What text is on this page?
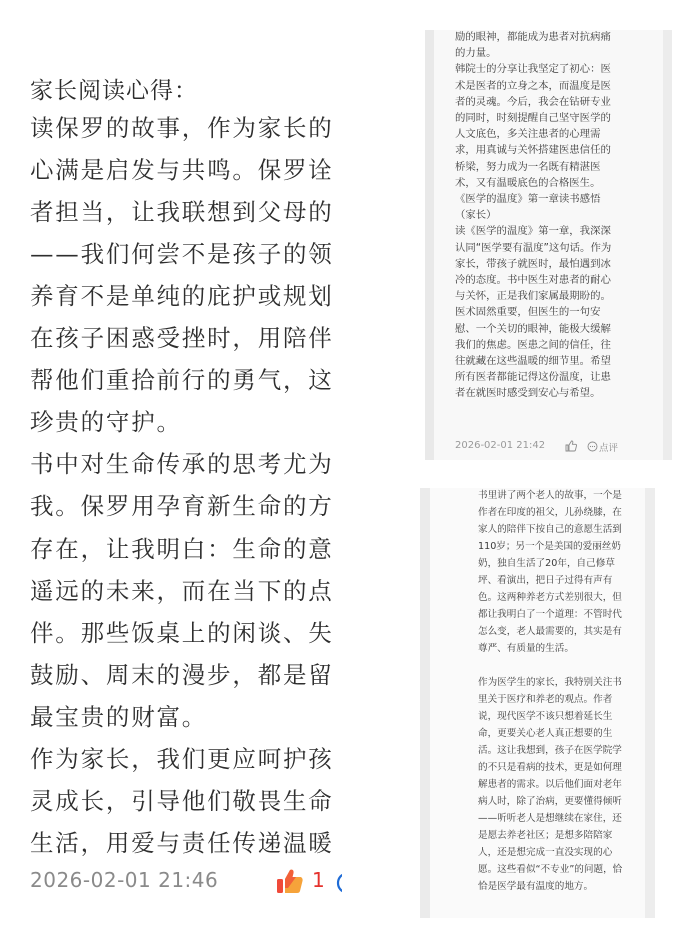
家长阅读心得：
读保罗的故事，作为家长的
心满是启发与共鸣。保罗诠
者担当，让我联想到父母的
——我们何尝不是孩子的领
养育不是单纯的庇护或规划
在孩子困惑受挫时，用陪伴
帮他们重拾前行的勇气，这
珍贵的守护。
书中对生命传承的思考尤为
我。保罗用孕育新生命的方
存在，让我明白：生命的意
遥远的未来，而在当下的点
伴。那些饭桌上的闲谈、失
鼓励、周末的漫步，都是留
最宝贵的财富。
作为家长，我们更应呵护孩
灵成长，引导他们敬畏生命
生活，用爱与责任传递温暖
2026-02-01 21:46	1
励的眼神，都能成为患者对抗病痛
的力量。
韩院士的分享让我坚定了初心：医
术是医者的立身之本，而温度是医
者的灵魂。今后，我会在钻研专业
的同时，时刻提醒自己坚守医学的
人文底色，多关注患者的心理需
求，用真诚与关怀搭建医患信任的
桥梁，努力成为一名既有精湛医
术，又有温暖底色的合格医生。
《医学的温度》第一章读书感悟
（家长）
读《医学的温度》第一章，我深深
认同“医学要有温度”这句话。作为
家长，带孩子就医时，最怕遇到冰
冷的态度。书中医生对患者的耐心
与关怀，正是我们家属最期盼的。
医术固然重要，但医生的一句安
慰、一个关切的眼神，能极大缓解
我们的焦虑。医患之间的信任，往
往就藏在这些温暖的细节里。希望
所有医者都能记得这份温度，让患
者在就医时感受到安心与希望。
2026-02-01 21:42	点评
书里讲了两个老人的故事，一个是
作者在印度的祖父，儿孙绕膝，在
家人的陪伴下按自己的意愿生活到
110岁；另一个是美国的爱丽丝奶
奶，独自生活了20年，自己修草
坪、看演出，把日子过得有声有
色。这两种养老方式差别很大，但
都让我明白了一个道理：不管时代
怎么变，老人最需要的，其实是有
尊严、有质量的生活。
作为医学生的家长，我特别关注书
里关于医疗和养老的观点。作者
说，现代医学不该只想着延长生
命，更要关心老人真正想要的生
活。这让我想到，孩子在医学院学
的不只是看病的技术，更是如何理
解患者的需求。以后他们面对老年
病人时，除了治病，更要懂得倾听
——听听老人是想继续在家住，还
是愿去养老社区；是想多陪陪家
人，还是想完成一直没实现的心
愿。这些看似“不专业”的问题，恰
恰是医学最有温度的地方。
